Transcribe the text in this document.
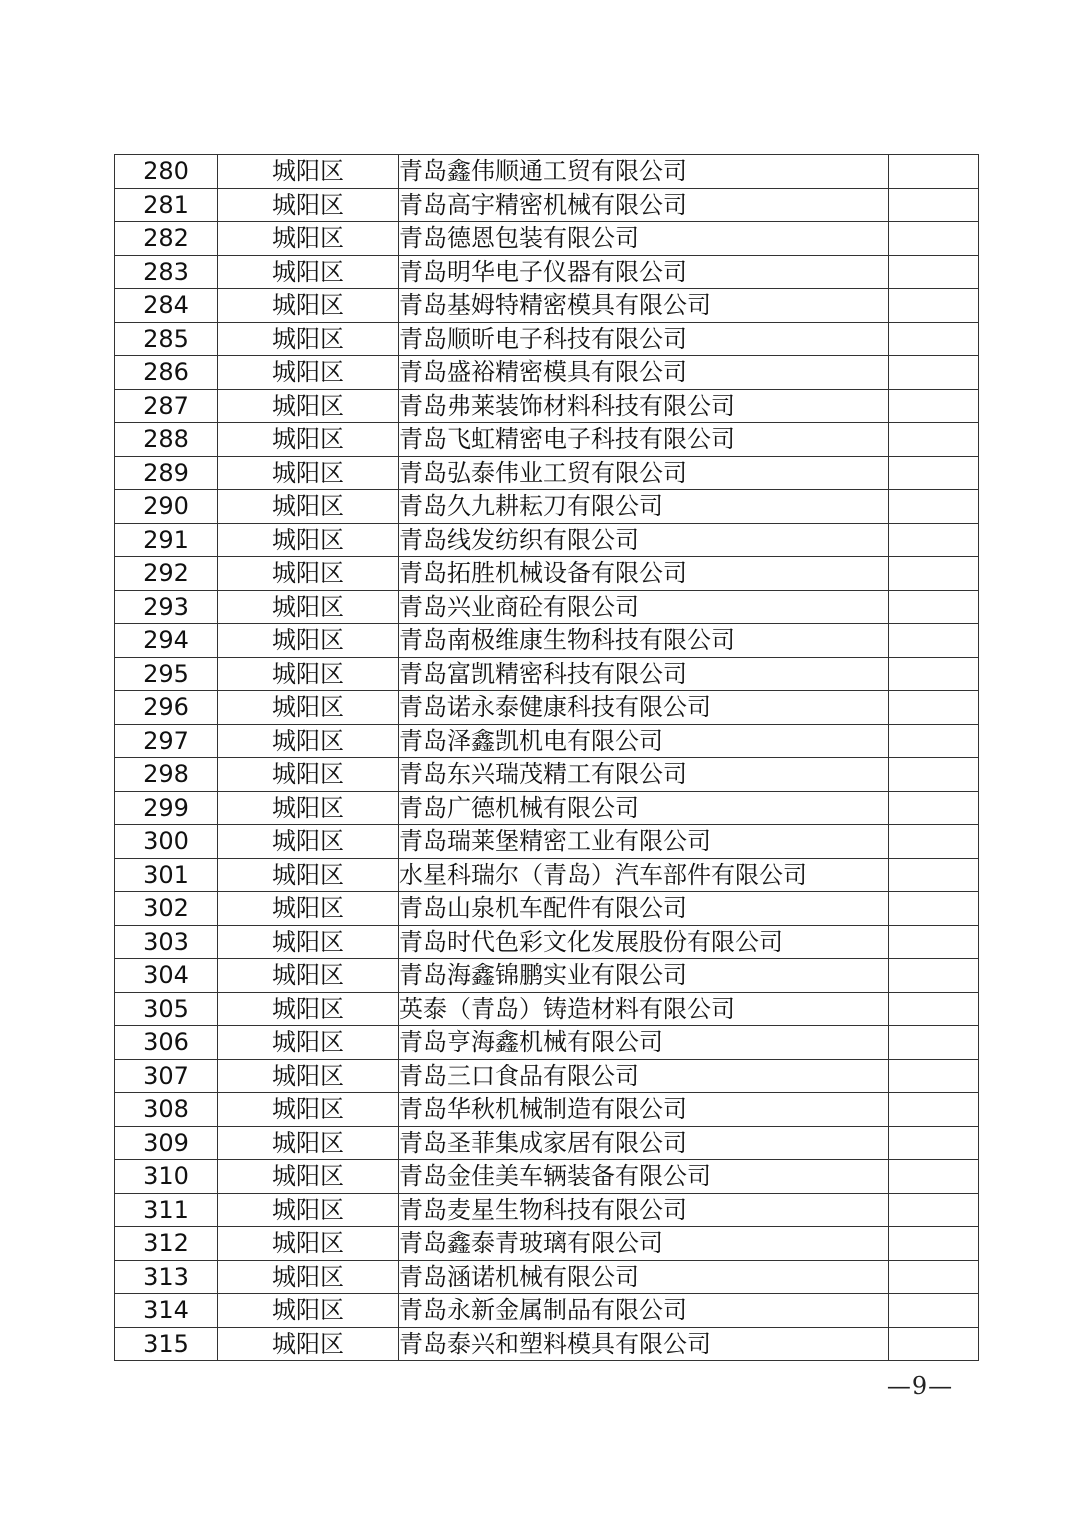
280	城阳区	青岛鑫伟顺通工贸有限公司	
281	城阳区	青岛高宇精密机械有限公司	
282	城阳区	青岛德恩包装有限公司	
283	城阳区	青岛明华电子仪器有限公司	
284	城阳区	青岛基姆特精密模具有限公司	
285	城阳区	青岛顺昕电子科技有限公司	
286	城阳区	青岛盛裕精密模具有限公司	
287	城阳区	青岛弗莱装饰材料科技有限公司	
288	城阳区	青岛飞虹精密电子科技有限公司	
289	城阳区	青岛弘泰伟业工贸有限公司	
290	城阳区	青岛久九耕耘刀有限公司	
291	城阳区	青岛线发纺织有限公司	
292	城阳区	青岛拓胜机械设备有限公司	
293	城阳区	青岛兴业商砼有限公司	
294	城阳区	青岛南极维康生物科技有限公司	
295	城阳区	青岛富凯精密科技有限公司	
296	城阳区	青岛诺永泰健康科技有限公司	
297	城阳区	青岛泽鑫凯机电有限公司	
298	城阳区	青岛东兴瑞茂精工有限公司	
299	城阳区	青岛广德机械有限公司	
300	城阳区	青岛瑞莱堡精密工业有限公司	
301	城阳区	水星科瑞尔（青岛）汽车部件有限公司	
302	城阳区	青岛山泉机车配件有限公司	
303	城阳区	青岛时代色彩文化发展股份有限公司	
304	城阳区	青岛海鑫锦鹏实业有限公司	
305	城阳区	英泰（青岛）铸造材料有限公司	
306	城阳区	青岛亨海鑫机械有限公司	
307	城阳区	青岛三口食品有限公司	
308	城阳区	青岛华秋机械制造有限公司	
309	城阳区	青岛圣菲集成家居有限公司	
310	城阳区	青岛金佳美车辆装备有限公司	
311	城阳区	青岛麦星生物科技有限公司	
312	城阳区	青岛鑫泰青玻璃有限公司	
313	城阳区	青岛涵诺机械有限公司	
314	城阳区	青岛永新金属制品有限公司	
315	城阳区	青岛泰兴和塑料模具有限公司	
—9—
